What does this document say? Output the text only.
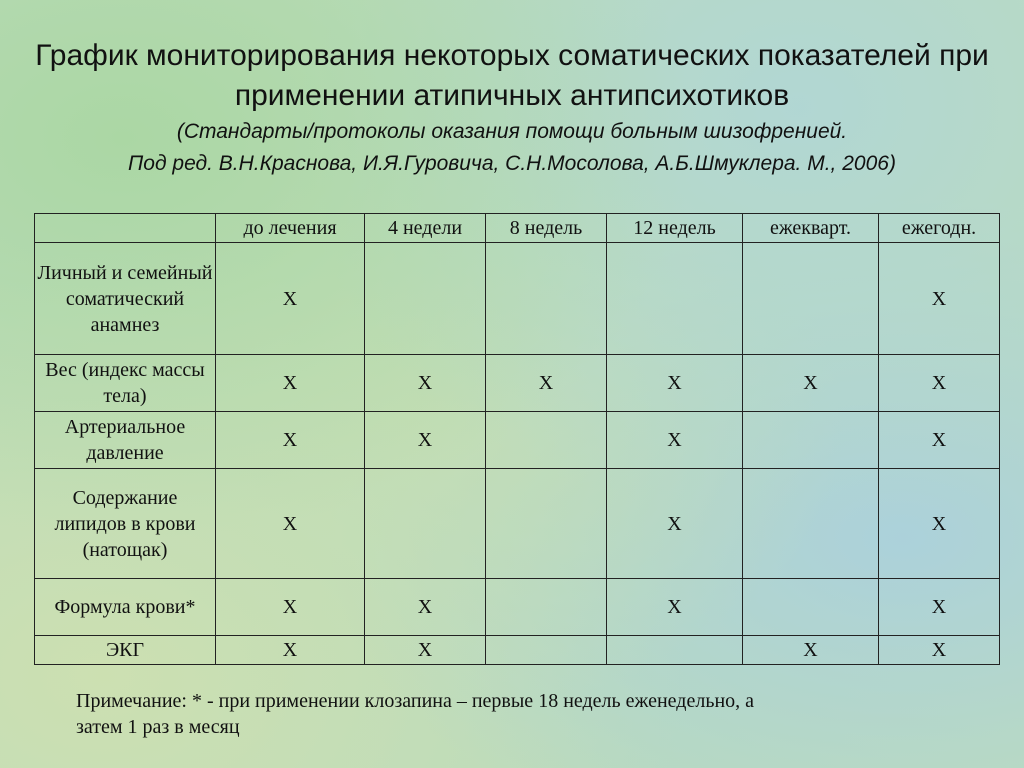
График мониторирования некоторых соматических показателей при
применении атипичных антипсихотиков
(Стандарты/протоколы оказания помощи больным шизофренией.
Под ред. В.Н.Краснова, И.Я.Гуровича, С.Н.Мосолова, А.Б.Шмуклера. М., 2006)
	до лечения	4 недели	8 недель	12 недель	ежекварт.	ежегодн.
Личный и семейный соматический анамнез	X					X
Вес (индекс массы тела)	X	X	X	X	X	X
Артериальное давление	X	X		X		X
Содержание липидов в крови (натощак)	X			X		X
Формула крови*	X	X		X		X
ЭКГ	X	X			X	X
Примечание: * - при применении клозапина – первые 18 недель еженедельно, а
затем 1 раз в месяц
